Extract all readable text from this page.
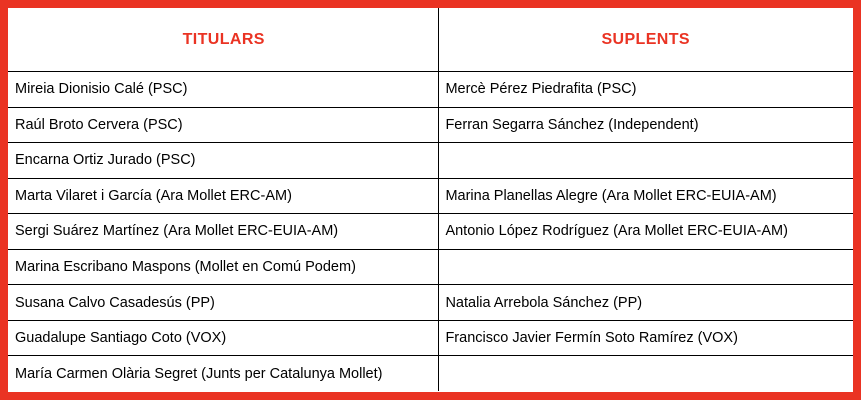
TITULARS	SUPLENTS
Mireia Dionisio Calé (PSC)	Mercè Pérez Piedrafita (PSC)
Raúl Broto Cervera (PSC)	Ferran Segarra Sánchez (Independent)
Encarna Ortiz Jurado (PSC)	
Marta Vilaret i García (Ara Mollet ERC-AM)	Marina Planellas Alegre (Ara Mollet ERC-EUIA-AM)
Sergi Suárez Martínez (Ara Mollet ERC-EUIA-AM)	Antonio López Rodríguez (Ara Mollet ERC-EUIA-AM)
Marina Escribano Maspons (Mollet en Comú Podem)	
Susana Calvo Casadesús (PP)	Natalia Arrebola Sánchez (PP)
Guadalupe Santiago Coto (VOX)	Francisco Javier Fermín Soto Ramírez (VOX)
María Carmen Olària Segret (Junts per Catalunya Mollet)	
